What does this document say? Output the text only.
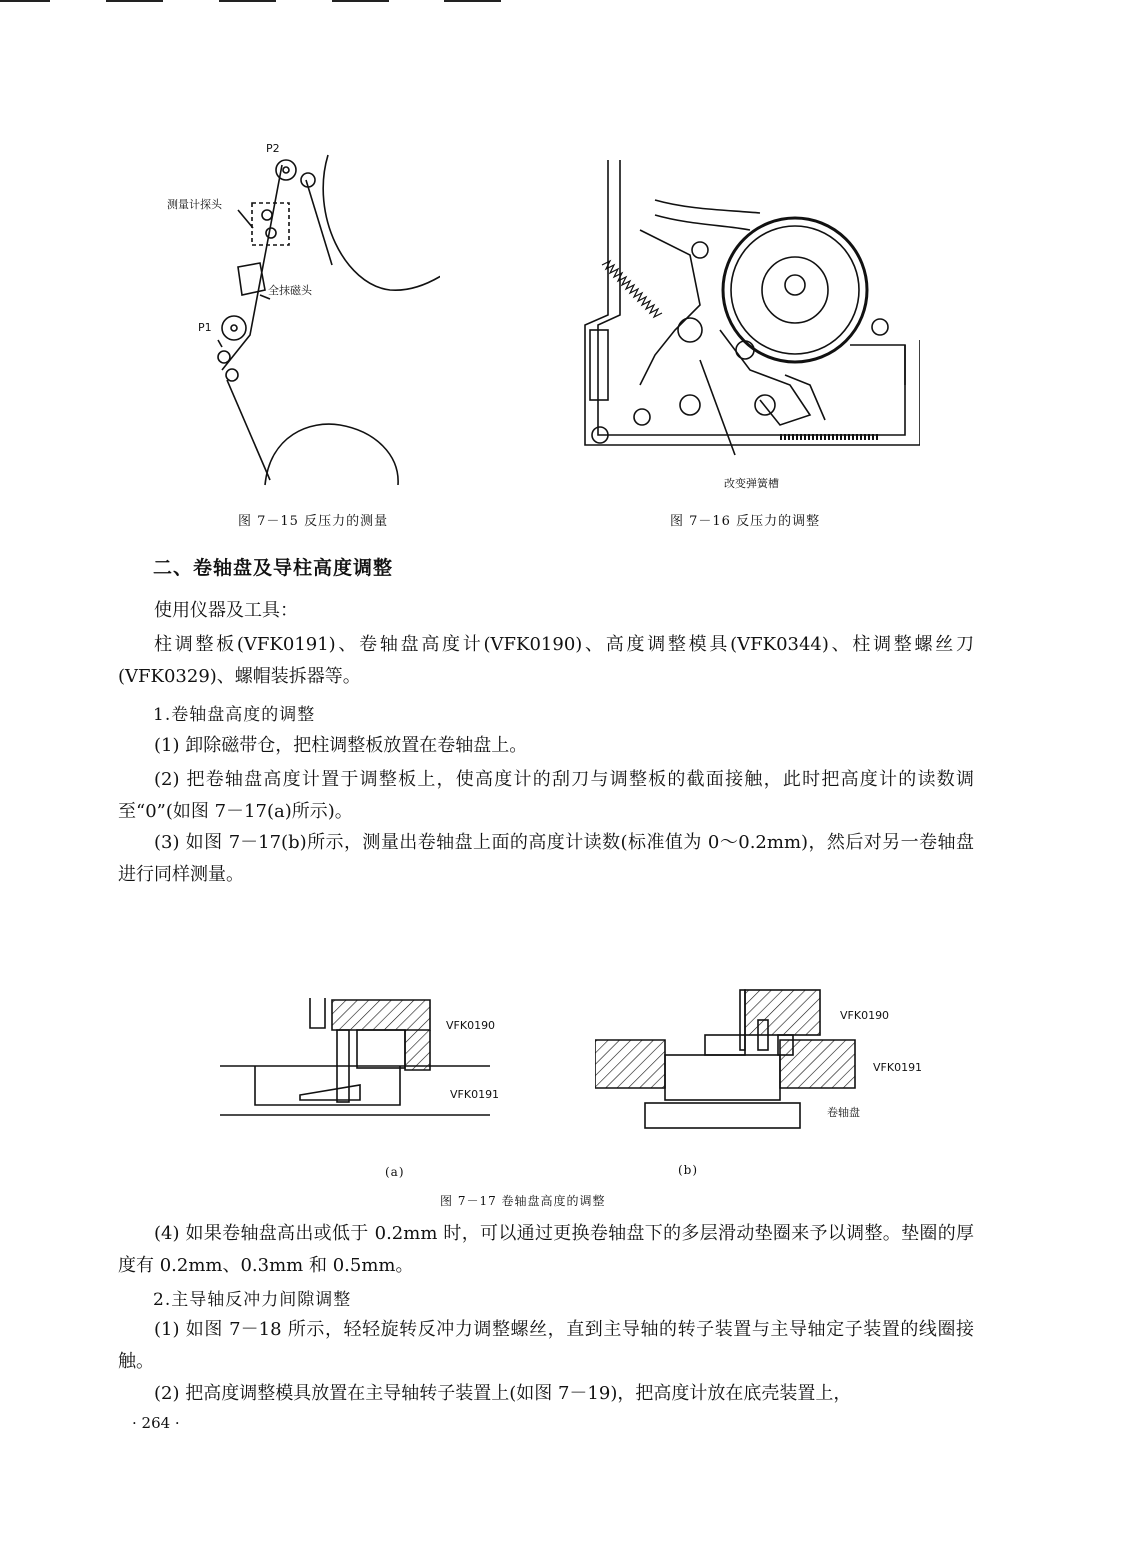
P2
测量计探头
全抹磁头
P1
图 7－15 反压力的测量
改变弹簧槽
图 7－16 反压力的调整
二、卷轴盘及导柱高度调整
使用仪器及工具：
柱调整板(VFK0191)、卷轴盘高度计(VFK0190)、高度调整模具(VFK0344)、柱调整螺丝刀(VFK0329)、螺帽装拆器等。
1.卷轴盘高度的调整
(1) 卸除磁带仓，把柱调整板放置在卷轴盘上。
(2) 把卷轴盘高度计置于调整板上，使高度计的刮刀与调整板的截面接触，此时把高度计的读数调至“0”(如图 7－17(a)所示)。
(3) 如图 7－17(b)所示，测量出卷轴盘上面的高度计读数(标准值为 0～0.2mm)，然后对另一卷轴盘进行同样测量。
VFK0190
VFK0191
VFK0190
VFK0191
卷轴盘
(a)	(b)
图 7－17 卷轴盘高度的调整
(4) 如果卷轴盘高出或低于 0.2mm 时，可以通过更换卷轴盘下的多层滑动垫圈来予以调整。垫圈的厚度有 0.2mm、0.3mm 和 0.5mm。
2.主导轴反冲力间隙调整
(1) 如图 7－18 所示，轻轻旋转反冲力调整螺丝，直到主导轴的转子装置与主导轴定子装置的线圈接触。
(2) 把高度调整模具放置在主导轴转子装置上(如图 7－19)，把高度计放在底壳装置上，
· 264 ·
